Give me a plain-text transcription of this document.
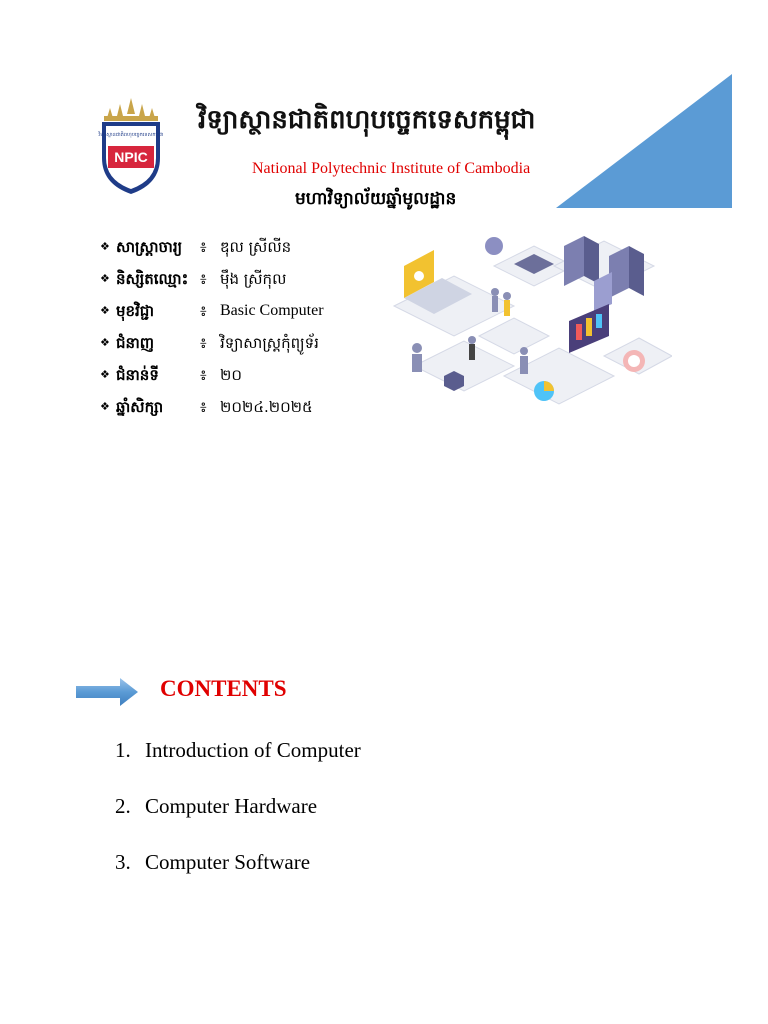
វិទ្យាស្ថានជាតិពហុបច្ចេកទេសកម្ពុជា
NPIC
វិទ្យាស្ថានជាតិពហុបច្ចេកទេសកម្ពុជា
National Polytechnic Institute of Cambodia
មហាវិទ្យាល័យឆ្នាំមូលដ្ឋាន
❖ សាស្រ្តាចារ្យ ៖ ឌុល ស្រីលីន
❖ និស្សិតឈ្មោះ ៖ ម៉ឹង ស្រីកុល
❖ មុខវិជ្ជា	៖ Basic Computer
❖ ជំនាញ	៖ វិទ្យាសាស្ត្រកុំព្យូទ័រ
❖ ជំនាន់ទី	៖ ២០
❖ ឆ្នាំសិក្សា ៖ ២០២៤.២០២៥
CONTENTS
1. Introduction of Computer
2. Computer Hardware
3. Computer Software
